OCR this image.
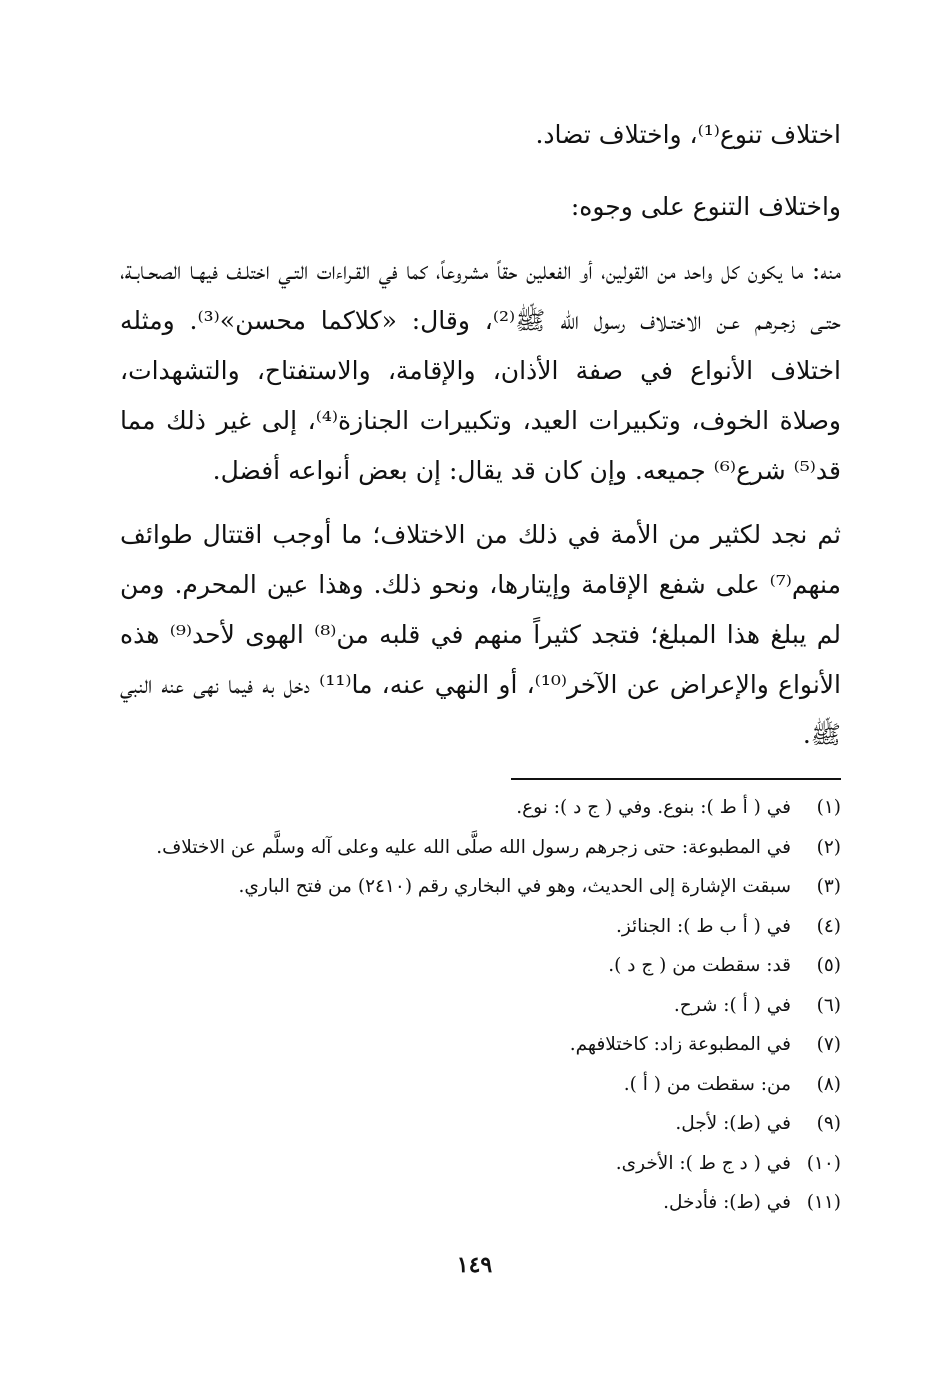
اختلاف تنوع⁽¹⁾، واختلاف تضاد.

واختلاف التنوع على وجوه:

منه: ما يكون كل واحد من القولين، أو الفعلين حقاً مشروعاً، كما في القـراءات التـي اختلـف فيهـا الصحـابـة، حتـى زجـرهـم عـن الاختـلاف رسول الله ﷺ⁽²⁾، وقال: «كلاكما محسن»⁽³⁾. ومثله اختلاف الأنواع في صفة الأذان، والإقامة، والاستفتاح، والتشهدات، وصلاة الخوف، وتكبيرات العيد، وتكبيرات الجنازة⁽⁴⁾، إلى غير ذلك مما قد⁽⁵⁾ شرع⁽⁶⁾ جميعه. وإن كان قد يقال: إن بعض أنواعه أفضل.

ثم نجد لكثير من الأمة في ذلك من الاختلاف؛ ما أوجب اقتتال طوائف منهم⁽⁷⁾ على شفع الإقامة وإيتارها، ونحو ذلك. وهذا عين المحرم. ومن لم يبلغ هذا المبلغ؛ فتجد كثيراً منهم في قلبه من⁽⁸⁾ الهوى لأحد⁽⁹⁾ هذه الأنواع والإعراض عن الآخر⁽¹⁰⁾، أو النهي عنه، ما⁽¹¹⁾ دخل به فيما نهى عنه النبي ﷺ.

(١)
في ( أ ط ): بنوع. وفي ( ج د ): نوع.
(٢)
في المطبوعة: حتى زجرهم رسول الله صلَّى الله عليه وعلى آله وسلَّم عن الاختلاف.
(٣)
سبقت الإشارة إلى الحديث، وهو في البخاري رقم (٢٤١٠) من فتح الباري.
(٤)
في ( أ ب ط ): الجنائز.
(٥)
قد: سقطت من ( ج د ).
(٦)
في ( أ ): شرح.
(٧)
في المطبوعة زاد: كاختلافهم.
(٨)
من: سقطت من ( أ ).
(٩)
في (ط): لأجل.
(١٠)
في ( د ج ط ): الأخرى.
(١١)
في (ط): فأدخل.
١٤٩
